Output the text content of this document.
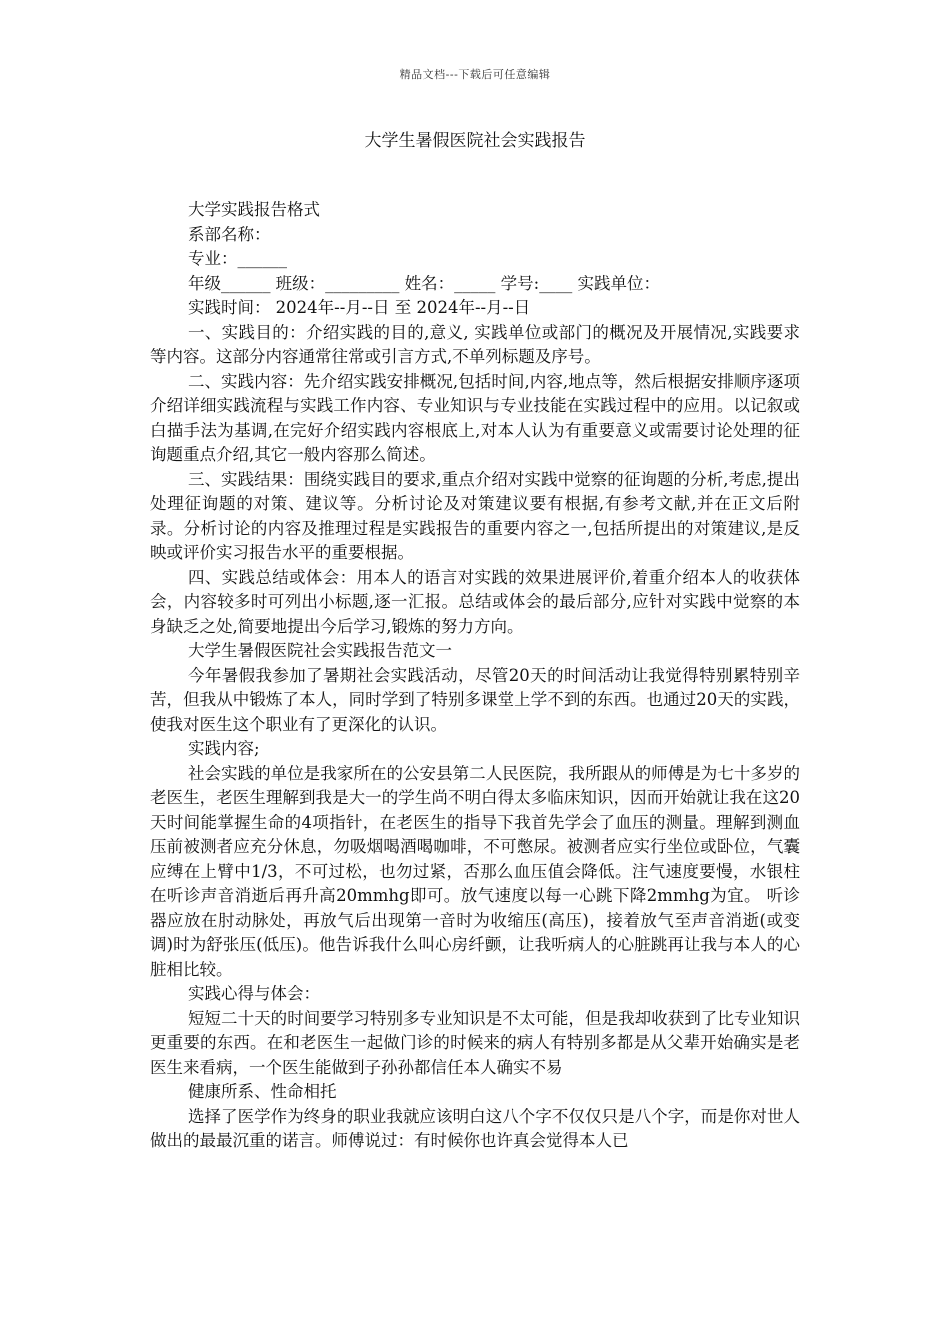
精品文档---下载后可任意编辑
大学生暑假医院社会实践报告

大学实践报告格式

系部名称：

专业：______

年级______ 班级：_________ 姓名：_____ 学号:____ 实践单位：

实践时间： 2024年--月--日 至 2024年--月--日

一、实践目的：介绍实践的目的,意义, 实践单位或部门的概况及开展情况,实践要求等内容。这部分内容通常往常或引言方式,不单列标题及序号。

二、实践内容：先介绍实践安排概况,包括时间,内容,地点等，然后根据安排顺序逐项介绍详细实践流程与实践工作内容、专业知识与专业技能在实践过程中的应用。以记叙或白描手法为基调,在完好介绍实践内容根底上,对本人认为有重要意义或需要讨论处理的征询题重点介绍,其它一般内容那么简述。

三、实践结果：围绕实践目的要求,重点介绍对实践中觉察的征询题的分析,考虑,提出处理征询题的对策、建议等。分析讨论及对策建议要有根据,有参考文献,并在正文后附录。分析讨论的内容及推理过程是实践报告的重要内容之一,包括所提出的对策建议,是反映或评价实习报告水平的重要根据。

四、实践总结或体会：用本人的语言对实践的效果进展评价,着重介绍本人的收获体会，内容较多时可列出小标题,逐一汇报。总结或体会的最后部分,应针对实践中觉察的本身缺乏之处,简要地提出今后学习,锻炼的努力方向。

大学生暑假医院社会实践报告范文一

今年暑假我参加了暑期社会实践活动，尽管20天的时间活动让我觉得特别累特别辛苦，但我从中锻炼了本人，同时学到了特别多课堂上学不到的东西。也通过20天的实践，使我对医生这个职业有了更深化的认识。

实践内容;

社会实践的单位是我家所在的公安县第二人民医院，我所跟从的师傅是为七十多岁的老医生，老医生理解到我是大一的学生尚不明白得太多临床知识，因而开始就让我在这20天时间能掌握生命的4项指针，在老医生的指导下我首先学会了血压的测量。理解到测血压前被测者应充分休息，勿吸烟喝酒喝咖啡，不可憋尿。被测者应实行坐位或卧位，气囊应缚在上臂中1/3，不可过松，也勿过紧，否那么血压值会降低。注气速度要慢，水银柱在听诊声音消逝后再升高20mmhg即可。放气速度以每一心跳下降2mmhg为宜。 听诊器应放在肘动脉处，再放气后出现第一音时为收缩压(高压)，接着放气至声音消逝(或变调)时为舒张压(低压)。他告诉我什么叫心房纤颤，让我听病人的心脏跳再让我与本人的心脏相比较。

实践心得与体会：

短短二十天的时间要学习特别多专业知识是不太可能，但是我却收获到了比专业知识更重要的东西。在和老医生一起做门诊的时候来的病人有特别多都是从父辈开始确实是老医生来看病，一个医生能做到子孙孙都信任本人确实不易

健康所系、性命相托

选择了医学作为终身的职业我就应该明白这八个字不仅仅只是八个字，而是你对世人做出的最最沉重的诺言。师傅说过：有时候你也许真会觉得本人已
